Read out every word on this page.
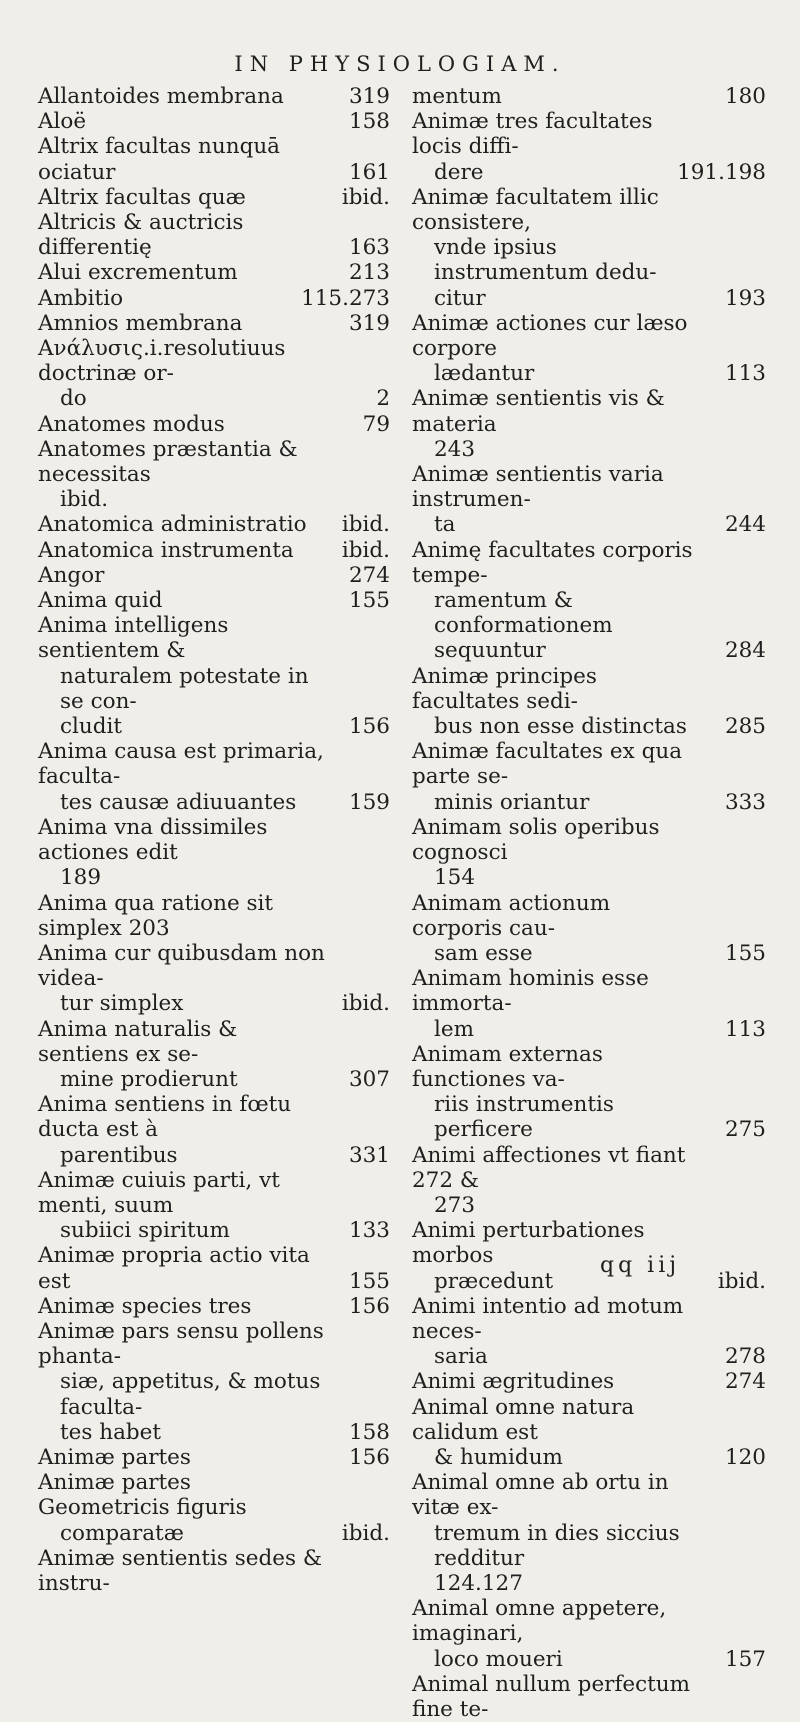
IN PHYSIOLOGIAM.
Allantoides membrana	319
Aloë	158
Altrix facultas nunquā ociatur	161
Altrix facultas quæ	ibid.
Altricis & auctricis differentię	163
Alui excrementum	213
Ambitio	115.273
Amnios membrana	319
Ανάλυσις.i.resolutiuus doctrinæ or-
do	2
Anatomes modus	79
Anatomes præstantia & necessitas
ibid.
Anatomica administratio	ibid.
Anatomica instrumenta	ibid.
Angor	274
Anima quid	155
Anima intelligens sentientem &
naturalem potestate in se con-
cludit	156
Anima causa est primaria, faculta-
tes causæ adiuuantes	159
Anima vna dissimiles actiones edit
189
Anima qua ratione sit simplex 203
Anima cur quibusdam non videa-
tur simplex	ibid.
Anima naturalis & sentiens ex se-
mine prodierunt	307
Anima sentiens in fœtu ducta est à
parentibus	331
Animæ cuiuis parti, vt menti, suum
subiici spiritum	133
Animæ propria actio vita est	155
Animæ species tres	156
Animæ pars sensu pollens phanta-
siæ, appetitus, & motus faculta-
tes habet	158
Animæ partes	156
Animæ partes Geometricis figuris
comparatæ	ibid.
Animæ sentientis sedes & instru-
mentum	180
Animæ tres facultates locis diffi-
dere	191.198
Animæ facultatem illic consistere,
vnde ipsius instrumentum dedu-
citur	193
Animæ actiones cur læso corpore
lædantur	113
Animæ sentientis vis & materia
243
Animæ sentientis varia instrumen-
ta	244
Animę facultates corporis tempe-
ramentum & conformationem
sequuntur	284
Animæ principes facultates sedi-
bus non esse distinctas	285
Animæ facultates ex qua parte se-
minis oriantur	333
Animam solis operibus cognosci
154
Animam actionum corporis cau-
sam esse	155
Animam hominis esse immorta-
lem	113
Animam externas functiones va-
riis instrumentis perficere	275
Animi affectiones vt fiant 272 &
273
Animi perturbationes morbos
præcedunt	ibid.
Animi intentio ad motum neces-
saria	278
Animi ægritudines	274
Animal omne natura calidum est
& humidum	120
Animal omne ab ortu in vitæ ex-
tremum in dies siccius redditur
124.127
Animal omne appetere, imaginari,
loco moueri	157
Animal nullum perfectum fine te-
qq iij
